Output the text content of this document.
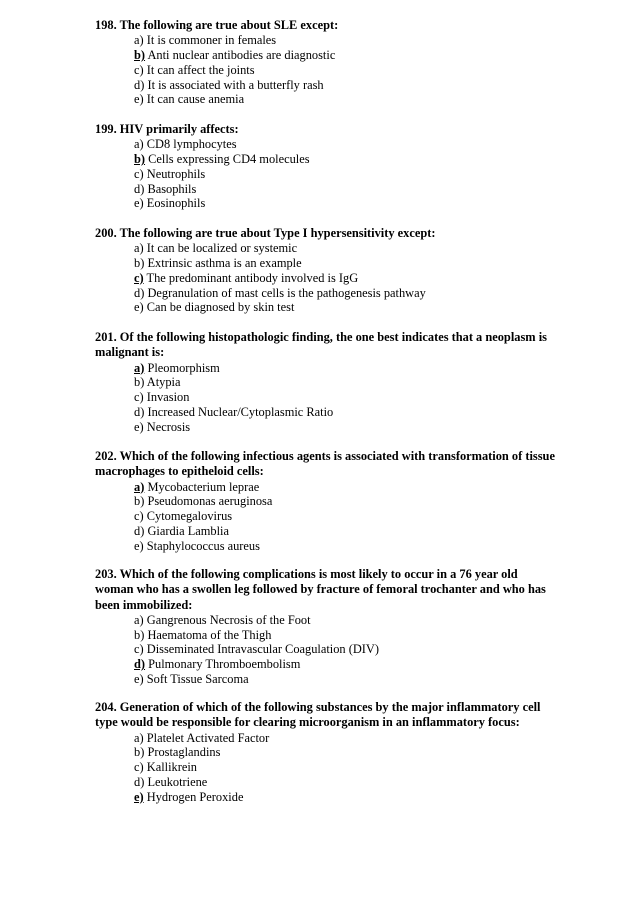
198. The following are true about SLE except:

a) It is commoner in females
b) Anti nuclear antibodies are diagnostic
c) It can affect the joints
d) It is associated with a butterfly rash
e) It can cause anemia

199. HIV primarily affects:

a) CD8 lymphocytes
b) Cells expressing CD4 molecules
c) Neutrophils
d) Basophils
e) Eosinophils

200. The following are true about Type I hypersensitivity except:

a) It can be localized or systemic
b) Extrinsic asthma is an example
c) The predominant antibody involved is IgG
d) Degranulation of mast cells is the pathogenesis pathway
e) Can be diagnosed by skin test

201. Of the following histopathologic finding, the one best indicates that a neoplasm is malignant is:

a) Pleomorphism
b) Atypia
c) Invasion
d) Increased Nuclear/Cytoplasmic Ratio
e) Necrosis

202. Which of the following infectious agents is associated with transformation of tissue macrophages to epitheloid cells:

a) Mycobacterium leprae
b) Pseudomonas aeruginosa
c) Cytomegalovirus
d) Giardia Lamblia
e) Staphylococcus aureus

203. Which of the following complications is most likely to occur in a 76 year old woman who has a swollen leg followed by fracture of femoral trochanter and who has been immobilized:

a) Gangrenous Necrosis of the Foot
b) Haematoma of the Thigh
c) Disseminated Intravascular Coagulation (DIV)
d) Pulmonary Thromboembolism
e) Soft Tissue Sarcoma

204. Generation of which of the following substances by the major inflammatory cell type would be responsible for clearing microorganism in an inflammatory focus:

a) Platelet Activated Factor
b) Prostaglandins
c) Kallikrein
d) Leukotriene
e) Hydrogen Peroxide
